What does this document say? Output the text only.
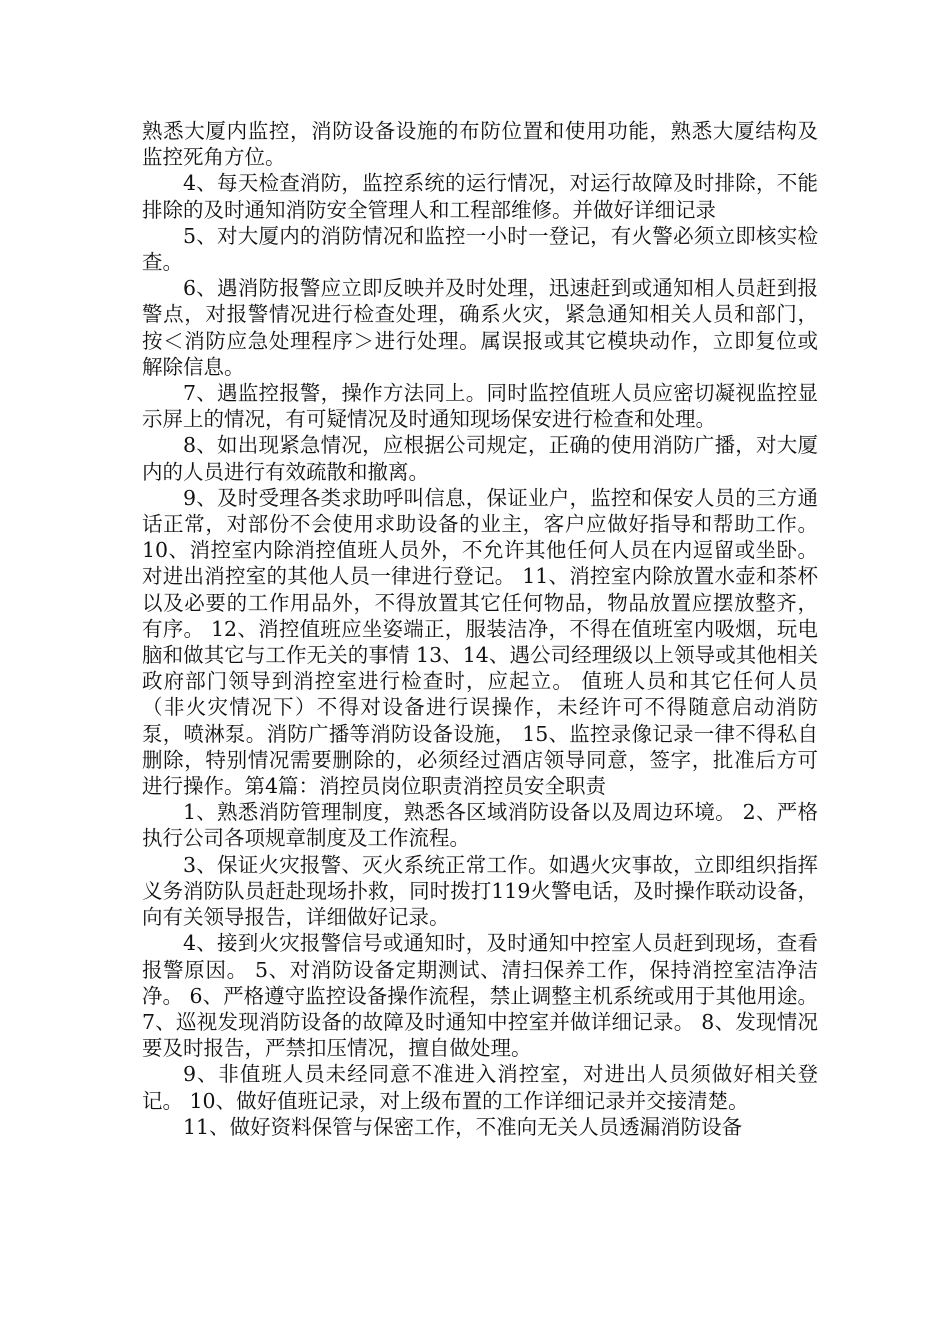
熟悉大厦内监控，消防设备设施的布防位置和使用功能，熟悉大厦结构及监控死角方位。

4、每天检查消防，监控系统的运行情况，对运行故障及时排除，不能排除的及时通知消防安全管理人和工程部维修。并做好详细记录

5、对大厦内的消防情况和监控一小时一登记，有火警必须立即核实检查。

6、遇消防报警应立即反映并及时处理，迅速赶到或通知相人员赶到报警点，对报警情况进行检查处理，确系火灾，紧急通知相关人员和部门，按＜消防应急处理程序＞进行处理。属误报或其它模块动作，立即复位或解除信息。

7、遇监控报警，操作方法同上。同时监控值班人员应密切凝视监控显示屏上的情况，有可疑情况及时通知现场保安进行检查和处理。

8、如出现紧急情况，应根据公司规定，正确的使用消防广播，对大厦内的人员进行有效疏散和撤离。

9、及时受理各类求助呼叫信息，保证业户，监控和保安人员的三方通话正常，对部份不会使用求助设备的业主，客户应做好指导和帮助工作。 10、消控室内除消控值班人员外，不允许其他任何人员在内逗留或坐卧。对进出消控室的其他人员一律进行登记。 11、消控室内除放置水壶和茶杯以及必要的工作用品外，不得放置其它任何物品，物品放置应摆放整齐，有序。 12、消控值班应坐姿端正，服装洁净，不得在值班室内吸烟，玩电脑和做其它与工作无关的事情 13、14、遇公司经理级以上领导或其他相关政府部门领导到消控室进行检查时，应起立。 值班人员和其它任何人员（非火灾情况下）不得对设备进行误操作，未经许可不得随意启动消防泵，喷淋泵。消防广播等消防设备设施， 15、监控录像记录一律不得私自删除，特别情况需要删除的，必须经过酒店领导同意，签字，批准后方可进行操作。第4篇：消控员岗位职责消控员安全职责

1、熟悉消防管理制度，熟悉各区域消防设备以及周边环境。 2、严格执行公司各项规章制度及工作流程。

3、保证火灾报警、灭火系统正常工作。如遇火灾事故，立即组织指挥义务消防队员赶赴现场扑救，同时拨打119火警电话，及时操作联动设备，向有关领导报告，详细做好记录。

4、接到火灾报警信号或通知时，及时通知中控室人员赶到现场，查看报警原因。 5、对消防设备定期测试、清扫保养工作，保持消控室洁净洁净。 6、严格遵守监控设备操作流程，禁止调整主机系统或用于其他用途。 7、巡视发现消防设备的故障及时通知中控室并做详细记录。 8、发现情况要及时报告，严禁扣压情况，擅自做处理。

9、非值班人员未经同意不准进入消控室，对进出人员须做好相关登记。 10、做好值班记录，对上级布置的工作详细记录并交接清楚。

11、做好资料保管与保密工作，不准向无关人员透漏消防设备
